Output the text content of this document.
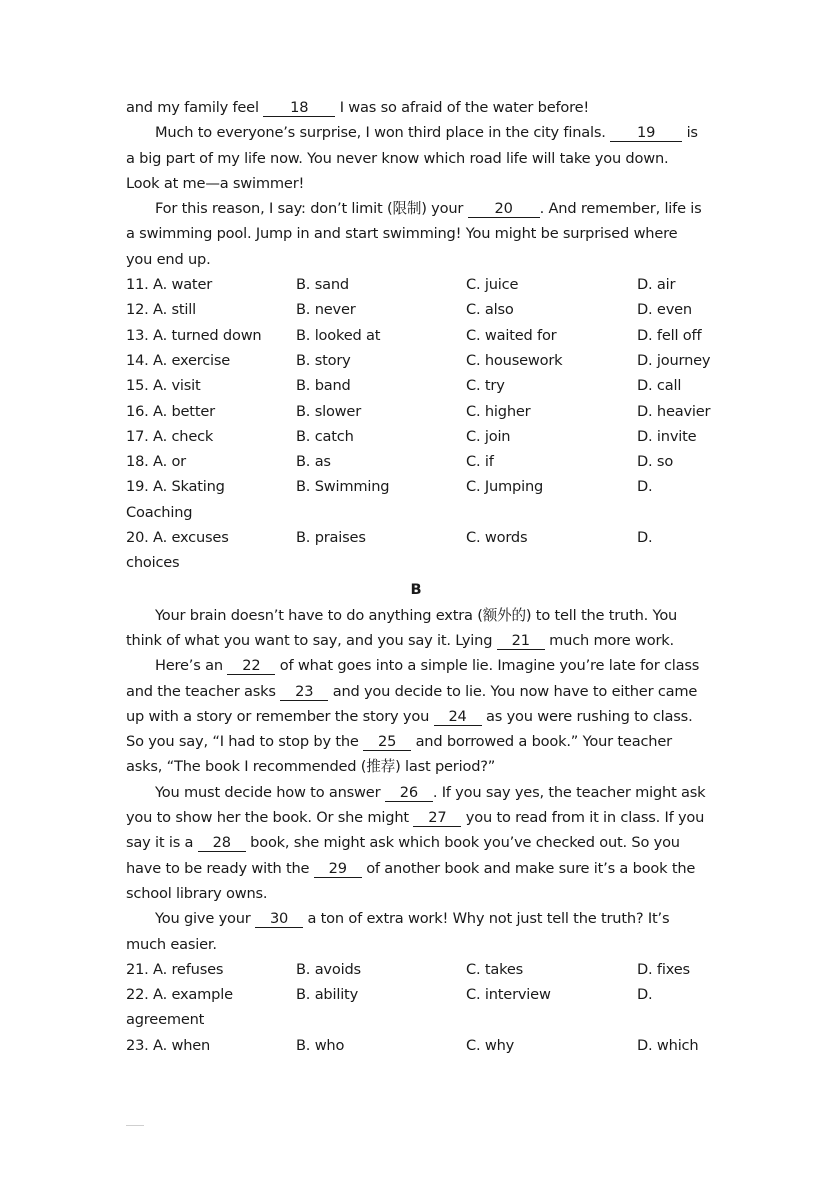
and my family feel 18 I was so afraid of the water before!

Much to everyone’s surprise, I won third place in the city finals. 19 is a big part of my life now. You never know which road life will take you down. Look at me—a swimmer!

For this reason, I say: don’t limit (限制) your 20 . And remember, life is a swimming pool. Jump in and start swimming! You might be surprised where you end up.

11. A. water	B. sand	C. juice	D. air
12. A. still	B. never	C. also	D. even
13. A. turned down B. looked at	C. waited for	D. fell off
14. A. exercise	B. story	C. housework	D. journey
15. A. visit	B. band	C. try	D. call
16. A. better	B. slower	C. higher	D. heavier
17. A. check	B. catch	C. join	D. invite
18. A. or	B. as	C. if	D. so
19. A. Skating	B. Swimming	C. Jumping	D.
Coaching
20. A. excuses	B. praises	C. words	D.
choices
B

Your brain doesn’t have to do anything extra (额外的) to tell the truth. You think of what you want to say, and you say it. Lying 21 much more work.

Here’s an 22 of what goes into a simple lie. Imagine you’re late for class and the teacher asks 23 and you decide to lie. You now have to either came up with a story or remember the story you 24 as you were rushing to class. So you say, “I had to stop by the 25 and borrowed a book.” Your teacher asks, “The book I recommended (推荐) last period?”

You must decide how to answer 26 . If you say yes, the teacher might ask you to show her the book. Or she might 27 you to read from it in class. If you say it is a 28 book, she might ask which book you’ve checked out. So you have to be ready with the 29 of another book and make sure it’s a book the school library owns.

You give your 30 a ton of extra work! Why not just tell the truth? It’s much easier.

21. A. refuses	B. avoids	C. takes	D. fixes
22. A. example	B. ability	C. interview	D.
agreement
23. A. when	B. who	C. why	D. which
